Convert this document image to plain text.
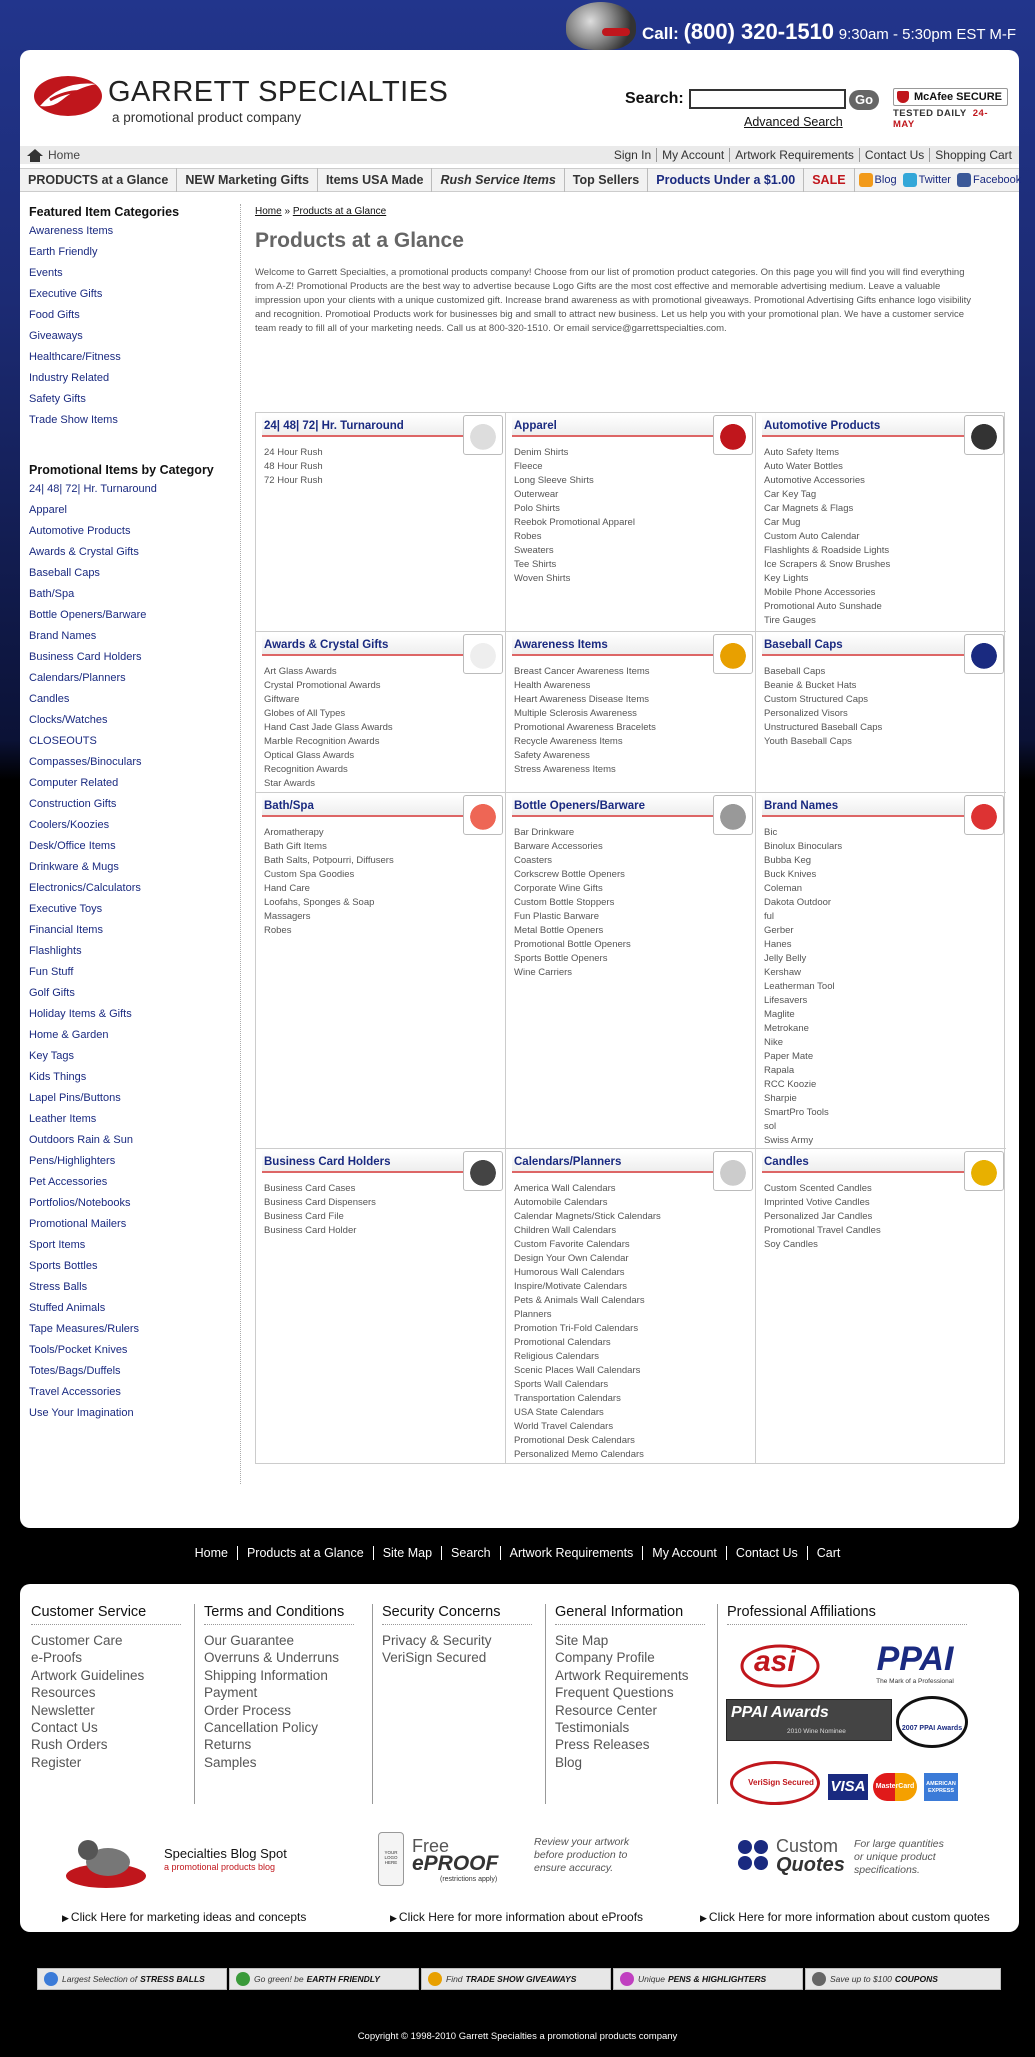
Call: (800) 320-1510 9:30am - 5:30pm EST M-F
GARRETT SPECIALTIES
a promotional product company
Search:	Go
Advanced Search
McAfee SECURE
TESTED DAILY 24-MAY
Home	Sign In My Account Artwork Requirements Contact Us Shopping Cart
PRODUCTS at a Glance	NEW Marketing Gifts	Items USA Made	Rush Service Items	Top Sellers	Products Under a $1.00	SALE	Blog Twitter Facebook
Featured Item Categories
Awareness Items
Earth Friendly
Events
Executive Gifts
Food Gifts
Giveaways
Healthcare/Fitness
Industry Related
Safety Gifts
Trade Show Items
Promotional Items by Category
24| 48| 72| Hr. Turnaround
Apparel
Automotive Products
Awards & Crystal Gifts
Baseball Caps
Bath/Spa
Bottle Openers/Barware
Brand Names
Business Card Holders
Calendars/Planners
Candles
Clocks/Watches
CLOSEOUTS
Compasses/Binoculars
Computer Related
Construction Gifts
Coolers/Koozies
Desk/Office Items
Drinkware & Mugs
Electronics/Calculators
Executive Toys
Financial Items
Flashlights
Fun Stuff
Golf Gifts
Holiday Items & Gifts
Home & Garden
Key Tags
Kids Things
Lapel Pins/Buttons
Leather Items
Outdoors Rain & Sun
Pens/Highlighters
Pet Accessories
Portfolios/Notebooks
Promotional Mailers
Sport Items
Sports Bottles
Stress Balls
Stuffed Animals
Tape Measures/Rulers
Tools/Pocket Knives
Totes/Bags/Duffels
Travel Accessories
Use Your Imagination
Home » Products at a Glance
Products at a Glance
Welcome to Garrett Specialties, a promotional products company! Choose from our list of promotion product categories. On this page you will find you will find everything from A-Z! Promotional Products are the best way to advertise because Logo Gifts are the most cost effective and memorable advertising medium. Leave a valuable impression upon your clients with a unique customized gift. Increase brand awareness as with promotional giveaways. Promotional Advertising Gifts enhance logo visibility and recognition. Promotioal Products work for businesses big and small to attract new business. Let us help you with your promotional plan. We have a customer service team ready to fill all of your marketing needs. Call us at 800-320-1510. Or email service@garrettspecialties.com.
24| 48| 72| Hr. Turnaround
24 Hour Rush
48 Hour Rush
72 Hour Rush
Apparel
Denim Shirts
Fleece
Long Sleeve Shirts
Outerwear
Polo Shirts
Reebok Promotional Apparel
Robes
Sweaters
Tee Shirts
Woven Shirts
Automotive Products
Auto Safety Items
Auto Water Bottles
Automotive Accessories
Car Key Tag
Car Magnets & Flags
Car Mug
Custom Auto Calendar
Flashlights & Roadside Lights
Ice Scrapers & Snow Brushes
Key Lights
Mobile Phone Accessories
Promotional Auto Sunshade
Tire Gauges
Awards & Crystal Gifts
Art Glass Awards
Crystal Promotional Awards
Giftware
Globes of All Types
Hand Cast Jade Glass Awards
Marble Recognition Awards
Optical Glass Awards
Recognition Awards
Star Awards
Awareness Items
Breast Cancer Awareness Items
Health Awareness
Heart Awareness Disease Items
Multiple Sclerosis Awareness
Promotional Awareness Bracelets
Recycle Awareness Items
Safety Awareness
Stress Awareness Items
Baseball Caps
Baseball Caps
Beanie & Bucket Hats
Custom Structured Caps
Personalized Visors
Unstructured Baseball Caps
Youth Baseball Caps
Bath/Spa
Aromatherapy
Bath Gift Items
Bath Salts, Potpourri, Diffusers
Custom Spa Goodies
Hand Care
Loofahs, Sponges & Soap
Massagers
Robes
Bottle Openers/Barware
Bar Drinkware
Barware Accessories
Coasters
Corkscrew Bottle Openers
Corporate Wine Gifts
Custom Bottle Stoppers
Fun Plastic Barware
Metal Bottle Openers
Promotional Bottle Openers
Sports Bottle Openers
Wine Carriers
Brand Names
Bic
Binolux Binoculars
Bubba Keg
Buck Knives
Coleman
Dakota Outdoor
ful
Gerber
Hanes
Jelly Belly
Kershaw
Leatherman Tool
Lifesavers
Maglite
Metrokane
Nike
Paper Mate
Rapala
RCC Koozie
Sharpie
SmartPro Tools
sol
Swiss Army
Business Card Holders
Business Card Cases
Business Card Dispensers
Business Card File
Business Card Holder
Calendars/Planners
America Wall Calendars
Automobile Calendars
Calendar Magnets/Stick Calendars
Children Wall Calendars
Custom Favorite Calendars
Design Your Own Calendar
Humorous Wall Calendars
Inspire/Motivate Calendars
Pets & Animals Wall Calendars
Planners
Promotion Tri-Fold Calendars
Promotional Calendars
Religious Calendars
Scenic Places Wall Calendars
Sports Wall Calendars
Transportation Calendars
USA State Calendars
World Travel Calendars
Promotional Desk Calendars
Personalized Memo Calendars
Candles
Custom Scented Candles
Imprinted Votive Candles
Personalized Jar Candles
Promotional Travel Candles
Soy Candles
Home Products at a Glance Site Map Search Artwork Requirements My Account Contact Us Cart
Customer Service
Customer Care
e-Proofs
Artwork Guidelines
Resources
Newsletter
Contact Us
Rush Orders
Register
Terms and Conditions
Our Guarantee
Overruns & Underruns
Shipping Information
Payment
Order Process
Cancellation Policy
Returns
Samples
Security Concerns
Privacy & Security
VeriSign Secured
General Information
Site Map
Company Profile
Artwork Requirements
Frequent Questions
Resource Center
Testimonials
Press Releases
Blog
Professional Affiliations
asi	PPAI
The Mark of a Professional
PPAI Awards
2010 Wine Nominee	2007 PPAI Awards
VeriSign Secured VISA	MasterCard	AMERICAN EXPRESS
Specialties Blog Spot
a promotional products blog
YOUR LOGO HERE
Free
ePROOF
(restrictions apply)
Review your artwork before production to ensure accuracy.
Custom
Quotes
For large quantities or unique product specifications.
▶ Click Here for marketing ideas and concepts	▶ Click Here for more information about eProofs	▶ Click Here for more information about custom quotes
Largest Selection of STRESS BALLS	Go green! be EARTH FRIENDLY	Find TRADE SHOW GIVEAWAYS	Unique PENS & HIGHLIGHTERS	Save up to $100 COUPONS
Copyright © 1998-2010 Garrett Specialties a promotional products company
